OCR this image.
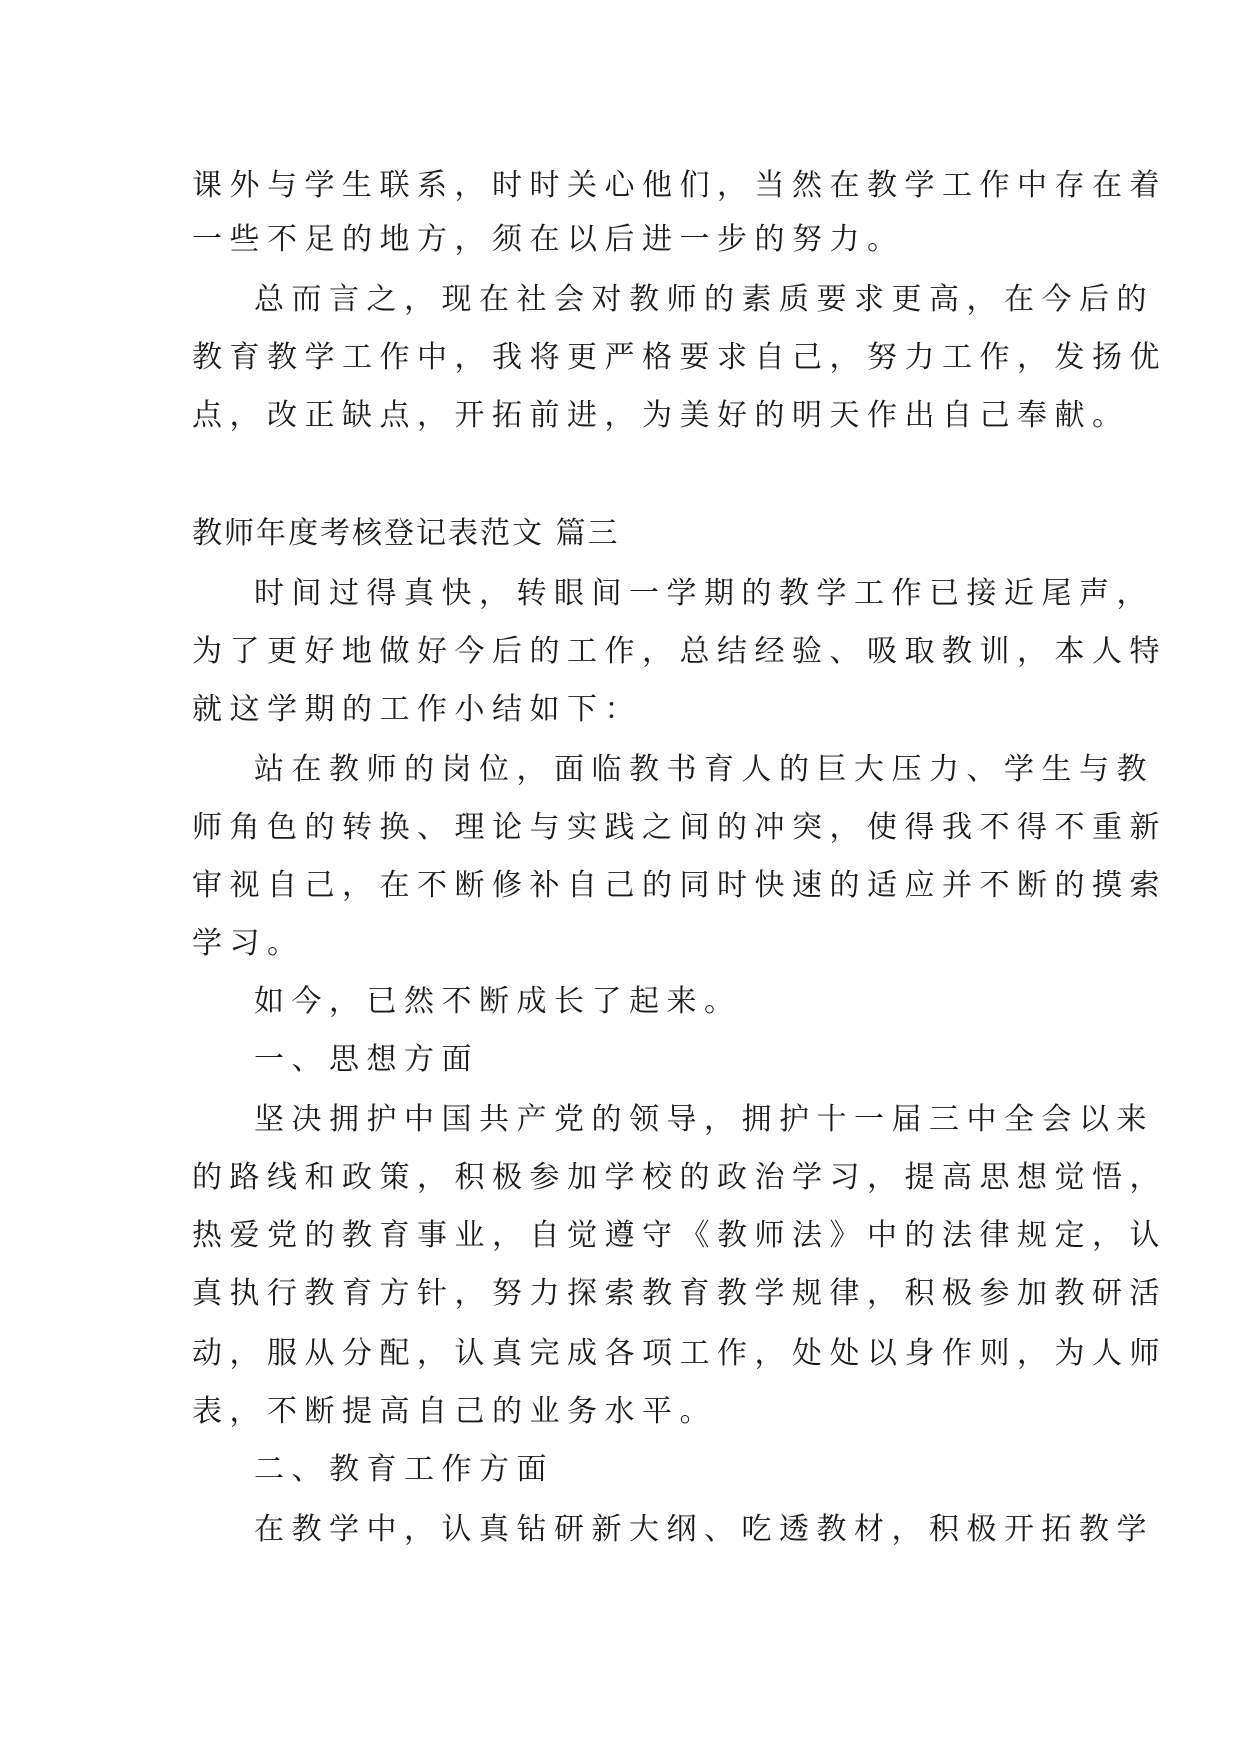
课外与学生联系，时时关心他们，当然在教学工作中存在着
一些不足的地方，须在以后进一步的努力。
总而言之，现在社会对教师的素质要求更高，在今后的
教育教学工作中，我将更严格要求自己，努力工作，发扬优
点，改正缺点，开拓前进，为美好的明天作出自己奉献。
教师年度考核登记表范文 篇三
时间过得真快，转眼间一学期的教学工作已接近尾声，
为了更好地做好今后的工作，总结经验、吸取教训，本人特
就这学期的工作小结如下：
站在教师的岗位，面临教书育人的巨大压力、学生与教
师角色的转换、理论与实践之间的冲突，使得我不得不重新
审视自己，在不断修补自己的同时快速的适应并不断的摸索
学习。
如今，已然不断成长了起来。
一、思想方面
坚决拥护中国共产党的领导，拥护十一届三中全会以来
的路线和政策，积极参加学校的政治学习，提高思想觉悟，
热爱党的教育事业，自觉遵守《教师法》中的法律规定，认
真执行教育方针，努力探索教育教学规律，积极参加教研活
动，服从分配，认真完成各项工作，处处以身作则，为人师
表，不断提高自己的业务水平。
二、教育工作方面
在教学中，认真钻研新大纲、吃透教材，积极开拓教学
